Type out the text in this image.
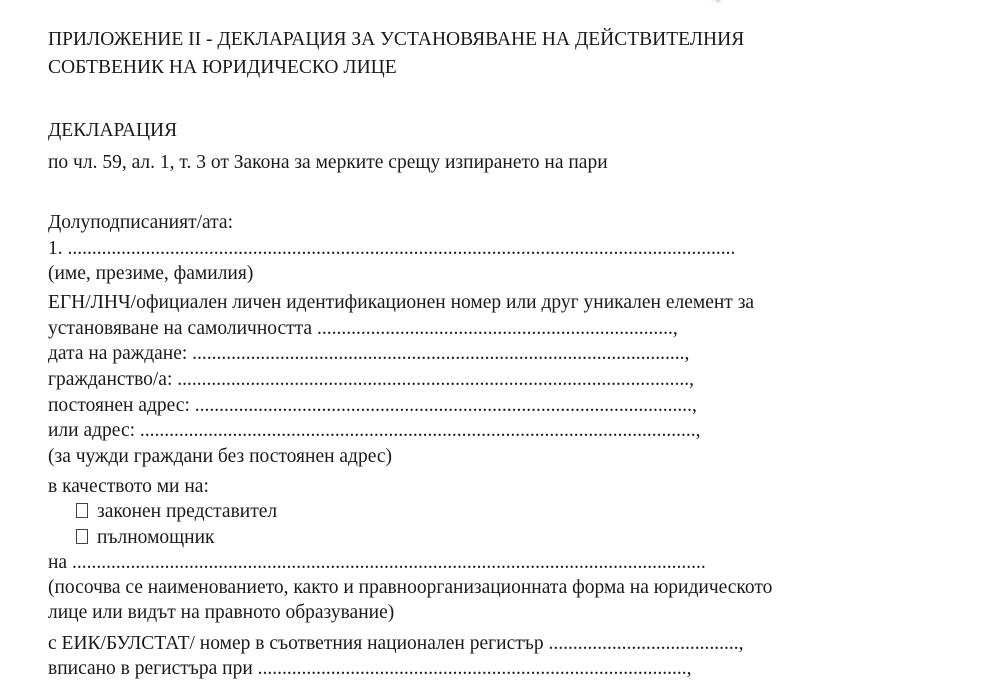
ПРИЛОЖЕНИЕ II - ДЕКЛАРАЦИЯ ЗА УСТАНОВЯВАНЕ НА ДЕЙСТВИТЕЛНИЯ
СОБТВЕНИК НА ЮРИДИЧЕСКО ЛИЦЕ
ДЕКЛАРАЦИЯ
по чл. 59, ал. 1, т. 3 от Закона за мерките срещу изпирането на пари
Долуподписаният/ата:
1. .........................................................................................................................................
(име, презиме, фамилия)
ЕГН/ЛНЧ/официален личен идентификационен номер или друг уникален елемент за
установяване на самоличността .........................................................................,
дата на раждане: .....................................................................................................,
гражданство/а: .........................................................................................................,
постоянен адрес: ......................................................................................................,
или адрес: ..................................................................................................................,
(за чужди граждани без постоянен адрес)
в качеството ми на:
законен представител
пълномощник
на ..................................................................................................................................
(посочва се наименованието, както и правноорганизационната форма на юридическото
лице или видът на правното образувание)
с ЕИК/БУЛСТАТ/ номер в съответния национален регистър .......................................,
вписано в регистъра при ........................................................................................,
